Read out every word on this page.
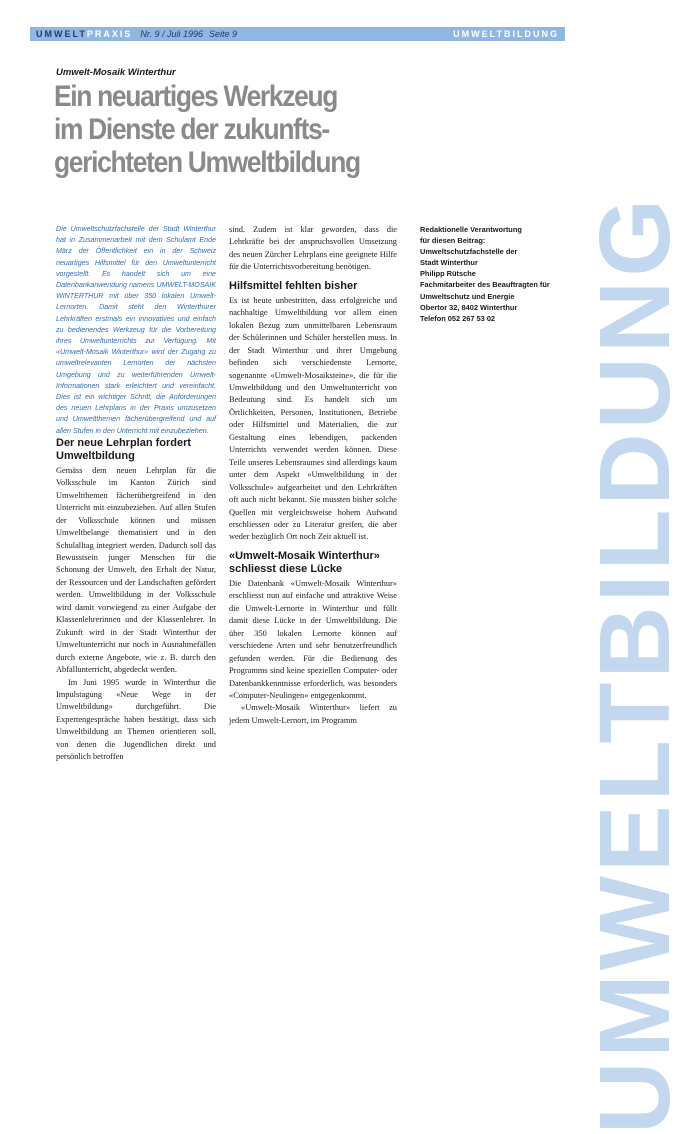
UMWELTPRAXIS Nr. 9 / Juli 1996 Seite 9	UMWELTBILDUNG
UMWELTBILDUNG
Umwelt-Mosaik Winterthur
Ein neuartiges Werkzeug
im Dienste der zukunfts-
gerichteten Umweltbildung

Die Umweltschutzfachstelle der Stadt Winterthur hat in Zusammenarbeit mit dem Schulamt Ende März der Öffentlichkeit ein in der Schweiz neuartiges Hilfsmittel für den Umweltunterricht vorgestellt. Es handelt sich um eine Datenbankanwendung namens UMWELT-MOSAIK WINTERTHUR mit über 350 lokalen Umwelt-Lernorten. Damit steht den Winterthurer Lehrkräften erstmals ein innovatives und einfach zu bedienendes Werkzeug für die Vorbereitung ihres Umweltunterrichts zur Verfügung. Mit «Umwelt-Mosaik Winterthur» wird der Zugang zu umweltrelevanten Lernorten der nächsten Umgebung und zu weiterführenden Umwelt-Informationen stark erleichtert und vereinfacht. Dies ist ein wichtiger Schritt, die Anforderungen des neuen Lehrplans in der Praxis umzusetzen und Umweltthemen fächerübergreifend und auf allen Stufen in den Unterricht mit einzubeziehen.

Der neue Lehrplan fordert Umweltbildung

Gemäss dem neuen Lehrplan für die Volksschule im Kanton Zürich sind Umweltthemen fächerübergreifend in den Unterricht mit einzubeziehen. Auf allen Stufen der Volksschule können und müssen Umweltbelange thematisiert und in den Schulalltag integriert werden. Dadurch soll das Bewusstsein junger Menschen für die Schonung der Umwelt, den Erhalt der Natur, der Ressourcen und der Landschaften gefördert werden. Umweltbildung in der Volksschule wird damit vorwiegend zu einer Aufgabe der Klassenlehrerinnen und der Klassenlehrer. In Zukunft wird in der Stadt Winterthur der Umweltunterricht nur noch in Ausnahmefällen durch externe Angebote, wie z. B. durch den Abfallunterricht, abgedeckt werden.

Im Juni 1995 wurde in Winterthur die Impulstagung «Neue Wege in der Umweltbildung» durchgeführt. Die Expertengespräche haben bestätigt, dass sich Umweltbildung an Themen orientieren soll, von denen die Jugendlichen direkt und persönlich betroffen

sind. Zudem ist klar geworden, dass die Lehrkräfte bei der anspruchsvollen Umsetzung des neuen Zürcher Lehrplans eine geeignete Hilfe für die Unterrichtsvorbereitung benötigen.

Hilfsmittel fehlten bisher

Es ist heute unbestritten, dass erfolgreiche und nachhaltige Umweltbildung vor allem einen lokalen Bezug zum unmittelbaren Lebensraum der Schülerinnen und Schüler herstellen muss. In der Stadt Winterthur und ihrer Umgebung befinden sich verschiedenste Lernorte, sogenannte «Umwelt-Mosaiksteine», die für die Umweltbildung und den Umweltunterricht von Bedeutung sind. Es handelt sich um Örtlichkeiten, Personen, Institutionen, Betriebe oder Hilfsmittel und Materialien, die zur Gestaltung eines lebendigen, packenden Unterrichts verwendet werden können. Diese Teile unseres Lebensraumes sind allerdings kaum unter dem Aspekt «Umweltbildung in der Volksschule» aufgearbeitet und den Lehrkräften oft auch nicht bekannt. Sie mussten bisher solche Quellen mit vergleichsweise hohem Aufwand erschliessen oder zu Literatur greifen, die aber weder bezüglich Ort noch Zeit aktuell ist.

«Umwelt-Mosaik Winterthur» schliesst diese Lücke

Die Datenbank «Umwelt-Mosaik Winterthur» erschliesst nun auf einfache und attraktive Weise die Umwelt-Lernorte in Winterthur und füllt damit diese Lücke in der Umweltbildung. Die über 350 lokalen Lernorte können auf verschiedene Arten und sehr benutzerfreundlich gefunden werden. Für die Bedienung des Programms sind keine speziellen Computer- oder Datenbankkenntnisse erforderlich, was besonders «Computer-Neulingen» entgegenkommt.

«Umwelt-Mosaik Winterthur» liefert zu jedem Umwelt-Lernort, im Programm

Redaktionelle Verantwortung
für diesen Beitrag:
Umweltschutzfachstelle der
Stadt Winterthur
Philipp Rütsche
Fachmitarbeiter des Beauftragten für
Umweltschutz und Energie
Obertor 32, 8402 Winterthur
Telefon 052 267 53 02
